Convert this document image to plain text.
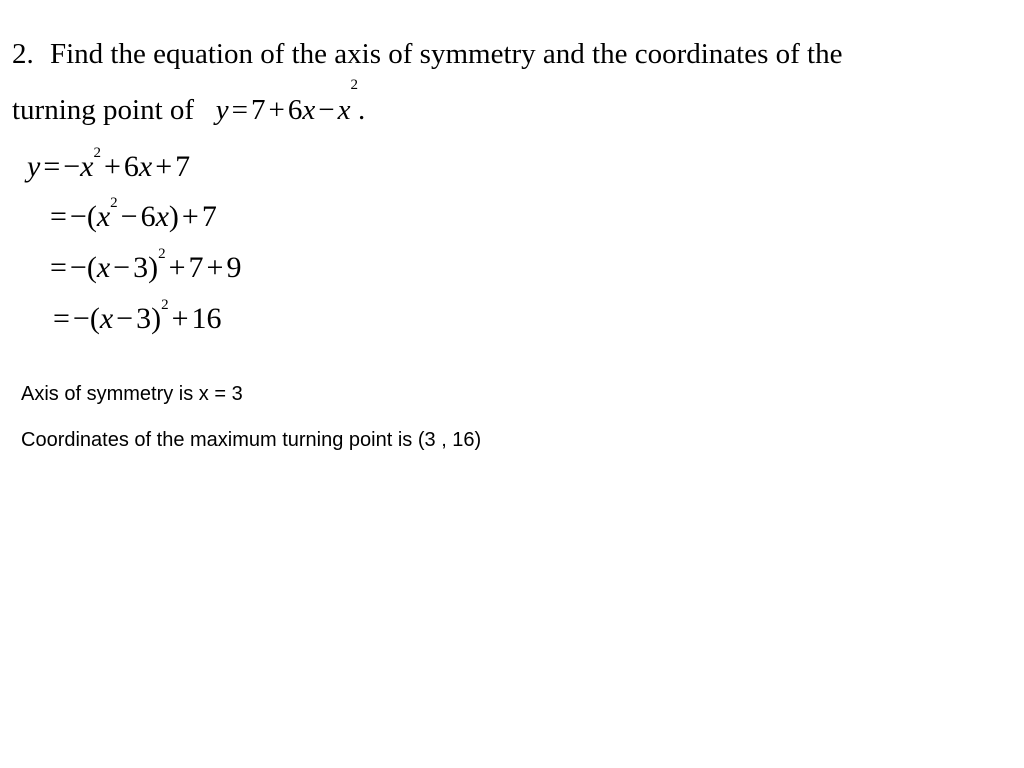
2. Find the equation of the axis of symmetry and the coordinates of the
turning point of $y = 7 + 6x - x^2$.
$y = -x^2 + 6x + 7$
= $-(x^2 - 6x) + 7$
= $-(x - 3)^2 + 7 + 9$
= $-(x - 3)^2 + 16$
Axis of symmetry is x = 3
Coordinates of the maximum turning point is (3 , 16)
